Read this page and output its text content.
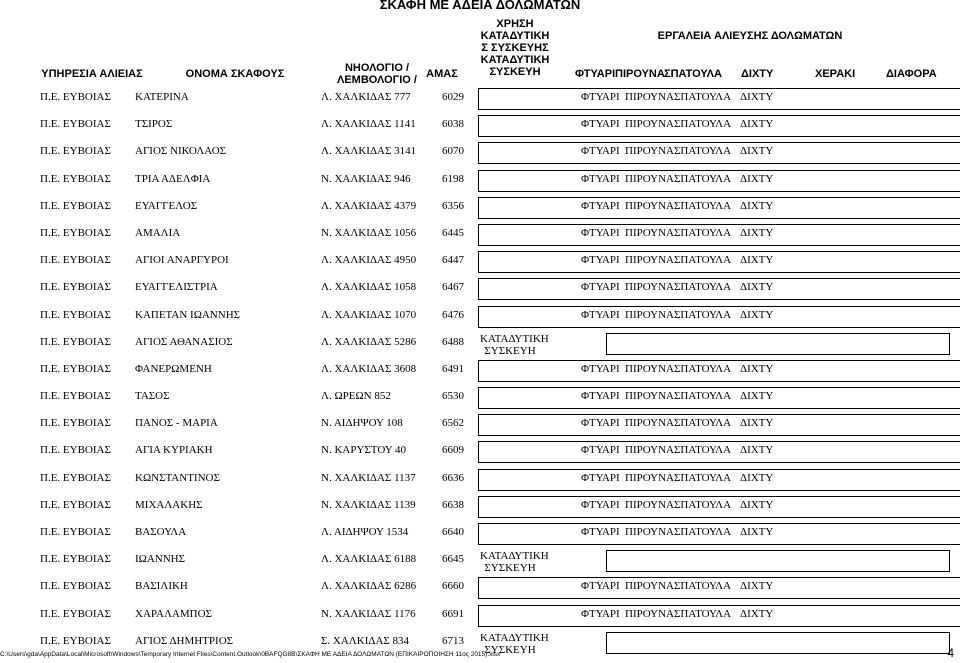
ΣΚΑΦΗ ΜΕ ΑΔΕΙΑ ΔΟΛΩΜΑΤΩΝ
ΥΠΗΡΕΣΙΑ ΑΛΙΕΙΑΣ	ΟΝΟΜΑ ΣΚΑΦΟΥΣ	ΝΗΟΛΟΓΙΟ /
ΛΕΜΒΟΛΟΓΙΟ / ΑΜΑΣ
ΧΡΗΣΗ
ΚΑΤΑΔΥΤΙΚΗ
Σ ΣΥΣΚΕΥΗΣ
ΚΑΤΑΔΥΤΙΚΗ
ΣΥΣΚΕΥΗ
ΕΡΓΑΛΕΙΑ ΑΛΙΕΥΣΗΣ ΔΟΛΩΜΑΤΩΝ
ΦΤΥΑΡΙ ΠΙΡΟΥΝΑ ΣΠΑΤΟΥΛΑ ΔΙΧΤΥ	ΧΕΡΑΚΙ	ΔΙΑΦΟΡΑ
Π.Ε. ΕΥΒΟΙΑΣ ΚΑΤΕΡΙΝΑ	Λ. ΧΑΛΚΙΔΑΣ 777	6029	ΦΤΥΑΡΙ ΠΙΡΟΥΝΑ ΣΠΑΤΟΥΛΑ ΔΙΧΤΥ
Π.Ε. ΕΥΒΟΙΑΣ ΤΣΙΡΟΣ	Λ. ΧΑΛΚΙΔΑΣ 1141 6038	ΦΤΥΑΡΙ ΠΙΡΟΥΝΑ ΣΠΑΤΟΥΛΑ ΔΙΧΤΥ
Π.Ε. ΕΥΒΟΙΑΣ ΑΓΙΟΣ ΝΙΚΟΛΑΟΣ	Λ. ΧΑΛΚΙΔΑΣ 3141 6070	ΦΤΥΑΡΙ ΠΙΡΟΥΝΑ ΣΠΑΤΟΥΛΑ ΔΙΧΤΥ
Π.Ε. ΕΥΒΟΙΑΣ ΤΡΙΑ ΑΔΕΛΦΙΑ	Ν. ΧΑΛΚΙΔΑΣ 946	6198	ΦΤΥΑΡΙ ΠΙΡΟΥΝΑ ΣΠΑΤΟΥΛΑ ΔΙΧΤΥ
Π.Ε. ΕΥΒΟΙΑΣ ΕΥΑΓΓΕΛΟΣ	Λ. ΧΑΛΚΙΔΑΣ 4379 6356	ΦΤΥΑΡΙ ΠΙΡΟΥΝΑ ΣΠΑΤΟΥΛΑ ΔΙΧΤΥ
Π.Ε. ΕΥΒΟΙΑΣ ΑΜΑΛΙΑ	Ν. ΧΑΛΚΙΔΑΣ 1056 6445	ΦΤΥΑΡΙ ΠΙΡΟΥΝΑ ΣΠΑΤΟΥΛΑ ΔΙΧΤΥ
Π.Ε. ΕΥΒΟΙΑΣ ΑΓΙΟΙ ΑΝΑΡΓΥΡΟΙ	Λ. ΧΑΛΚΙΔΑΣ 4950 6447	ΦΤΥΑΡΙ ΠΙΡΟΥΝΑ ΣΠΑΤΟΥΛΑ ΔΙΧΤΥ
Π.Ε. ΕΥΒΟΙΑΣ ΕΥΑΓΓΕΛΙΣΤΡΙΑ	Λ. ΧΑΛΚΙΔΑΣ 1058 6467	ΦΤΥΑΡΙ ΠΙΡΟΥΝΑ ΣΠΑΤΟΥΛΑ ΔΙΧΤΥ
Π.Ε. ΕΥΒΟΙΑΣ ΚΑΠΕΤΑΝ ΙΩΑΝΝΗΣ	Λ. ΧΑΛΚΙΔΑΣ 1070 6476	ΦΤΥΑΡΙ ΠΙΡΟΥΝΑ ΣΠΑΤΟΥΛΑ ΔΙΧΤΥ
Π.Ε. ΕΥΒΟΙΑΣ ΑΓΙΟΣ ΑΘΑΝΑΣΙΟΣ	Λ. ΧΑΛΚΙΔΑΣ 5286 6488 ΚΑΤΑΔΥΤΙΚΗ
ΣΥΣΚΕΥΗ
Π.Ε. ΕΥΒΟΙΑΣ ΦΑΝΕΡΩΜΕΝΗ	Λ. ΧΑΛΚΙΔΑΣ 3608 6491	ΦΤΥΑΡΙ ΠΙΡΟΥΝΑ ΣΠΑΤΟΥΛΑ ΔΙΧΤΥ
Π.Ε. ΕΥΒΟΙΑΣ ΤΑΣΟΣ	Λ. ΩΡΕΩΝ 852	6530	ΦΤΥΑΡΙ ΠΙΡΟΥΝΑ ΣΠΑΤΟΥΛΑ ΔΙΧΤΥ
Π.Ε. ΕΥΒΟΙΑΣ ΠΑΝΟΣ - ΜΑΡΙΑ	Ν. ΑΙΔΗΨΟΥ 108	6562	ΦΤΥΑΡΙ ΠΙΡΟΥΝΑ ΣΠΑΤΟΥΛΑ ΔΙΧΤΥ
Π.Ε. ΕΥΒΟΙΑΣ ΑΓΙΑ ΚΥΡΙΑΚΗ	Ν. ΚΑΡΥΣΤΟΥ 40	6609	ΦΤΥΑΡΙ ΠΙΡΟΥΝΑ ΣΠΑΤΟΥΛΑ ΔΙΧΤΥ
Π.Ε. ΕΥΒΟΙΑΣ ΚΩΝΣΤΑΝΤΙΝΟΣ	Ν. ΧΑΛΚΙΔΑΣ 1137 6636	ΦΤΥΑΡΙ ΠΙΡΟΥΝΑ ΣΠΑΤΟΥΛΑ ΔΙΧΤΥ
Π.Ε. ΕΥΒΟΙΑΣ ΜΙΧΑΛΑΚΗΣ	Ν. ΧΑΛΚΙΔΑΣ 1139 6638	ΦΤΥΑΡΙ ΠΙΡΟΥΝΑ ΣΠΑΤΟΥΛΑ ΔΙΧΤΥ
Π.Ε. ΕΥΒΟΙΑΣ ΒΑΣΟΥΛΑ	Λ. ΑΙΔΗΨΟΥ 1534	6640	ΦΤΥΑΡΙ ΠΙΡΟΥΝΑ ΣΠΑΤΟΥΛΑ ΔΙΧΤΥ
Π.Ε. ΕΥΒΟΙΑΣ ΙΩΑΝΝΗΣ	Λ. ΧΑΛΚΙΔΑΣ 6188 6645 ΚΑΤΑΔΥΤΙΚΗ
ΣΥΣΚΕΥΗ
Π.Ε. ΕΥΒΟΙΑΣ ΒΑΣΙΛΙΚΗ	Λ. ΧΑΛΚΙΔΑΣ 6286 6660	ΦΤΥΑΡΙ ΠΙΡΟΥΝΑ ΣΠΑΤΟΥΛΑ ΔΙΧΤΥ
Π.Ε. ΕΥΒΟΙΑΣ ΧΑΡΑΛΑΜΠΟΣ	Ν. ΧΑΛΚΙΔΑΣ 1176 6691	ΦΤΥΑΡΙ ΠΙΡΟΥΝΑ ΣΠΑΤΟΥΛΑ ΔΙΧΤΥ
Π.Ε. ΕΥΒΟΙΑΣ ΑΓΙΟΣ ΔΗΜΗΤΡΙΟΣ	Σ. ΧΑΛΚΙΔΑΣ 834	6713 ΚΑΤΑΔΥΤΙΚΗ
ΣΥΣΚΕΥΗ
C:\Users\gda\AppData\Local\Microsoft\Windows\Temporary Internet Files\Content.Outlook\0BAFQG8B\ΣΚΑΦΗ ΜΕ ΑΔΕΙΑ ΔΟΛΩΜΑΤΩΝ (ΕΠΙΚΑΙΡΟΠΟΙΗΣΗ 11ος 2015).xlsx	4
